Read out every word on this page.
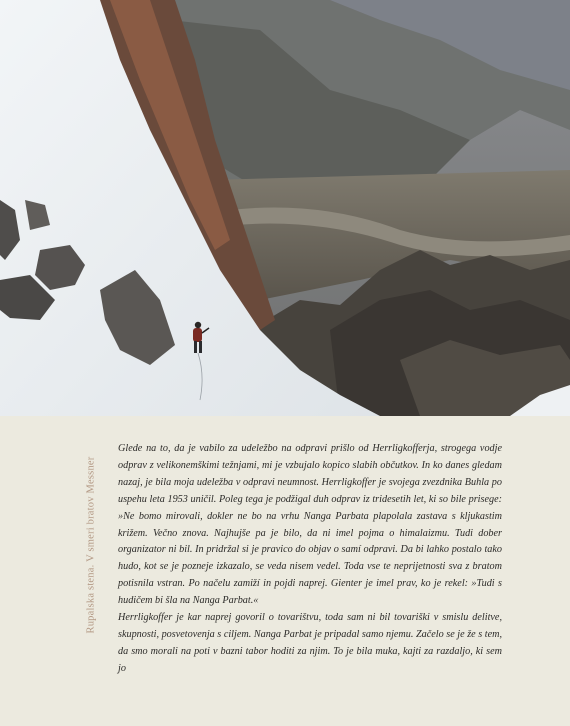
Rupalska stena. V smeri bratov Messner

Glede na to, da je vabilo za udeležbo na odpravi prišlo od Herrligkofferja, strogega vodje odprav z velikonemškimi težnjami, mi je vzbujalo kopico slabih občutkov. In ko danes gledam nazaj, je bila moja udeležba v odpravi neumnost. Herrligkoffer je svojega zvezdnika Buhla po uspehu leta 1953 uničil. Poleg tega je podžigal duh odprav iz tridesetih let, ki so bile prisege: »Ne bomo mirovali, dokler ne bo na vrhu Nanga Parbata plapolala zastava s kljukastim križem. Večno znova. Najhujše pa je bilo, da ni imel pojma o himalaizmu. Tudi dober organizator ni bil. In pridržal si je pravico do objav o samí odpravi. Da bi lahko postalo tako hudo, kot se je pozneje izkazalo, se veda nisem vedel. Toda vse te neprijetnosti sva z bratom potisnila vstran. Po načelu zamiží in pojdi naprej. Gienter je imel prav, ko je rekel: »Tudi s hudičem bi šla na Nanga Parbat.«

Herrligkoffer je kar naprej govoril o tovarištvu, toda sam ni bil tovariški v smislu delitve, skupnosti, posvetovenja s ciljem. Nanga Parbat je pripadal samo njemu. Začelo se je že s tem, da smo morali na poti v bazni tabor hoditi za njim. To je bila muka, kajti za razdaljo, ki sem jo
